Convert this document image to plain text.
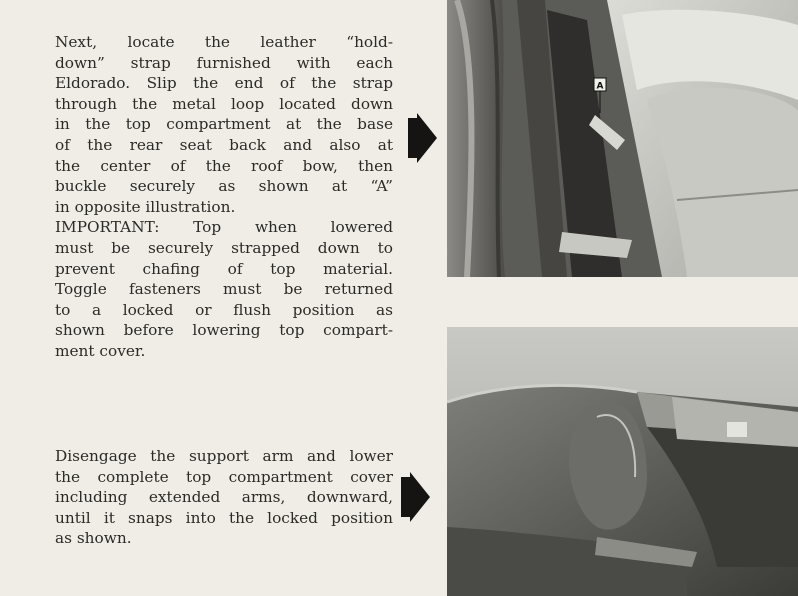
Next, locate the leather “hold-
down” strap furnished with each
Eldorado. Slip the end of the strap
through the metal loop located down
in the top compartment at the base
of the rear seat back and also at
the center of the roof bow, then
buckle securely as shown at “A”
in opposite illustration.
IMPORTANT: Top when lowered
must be securely strapped down to
prevent chafing of top material.
Toggle fasteners must be returned
to a locked or flush position as
shown before lowering top compart-
ment cover.
Disengage the support arm and lower
the complete top compartment cover
including extended arms, downward,
until it snaps into the locked position
as shown.
A
